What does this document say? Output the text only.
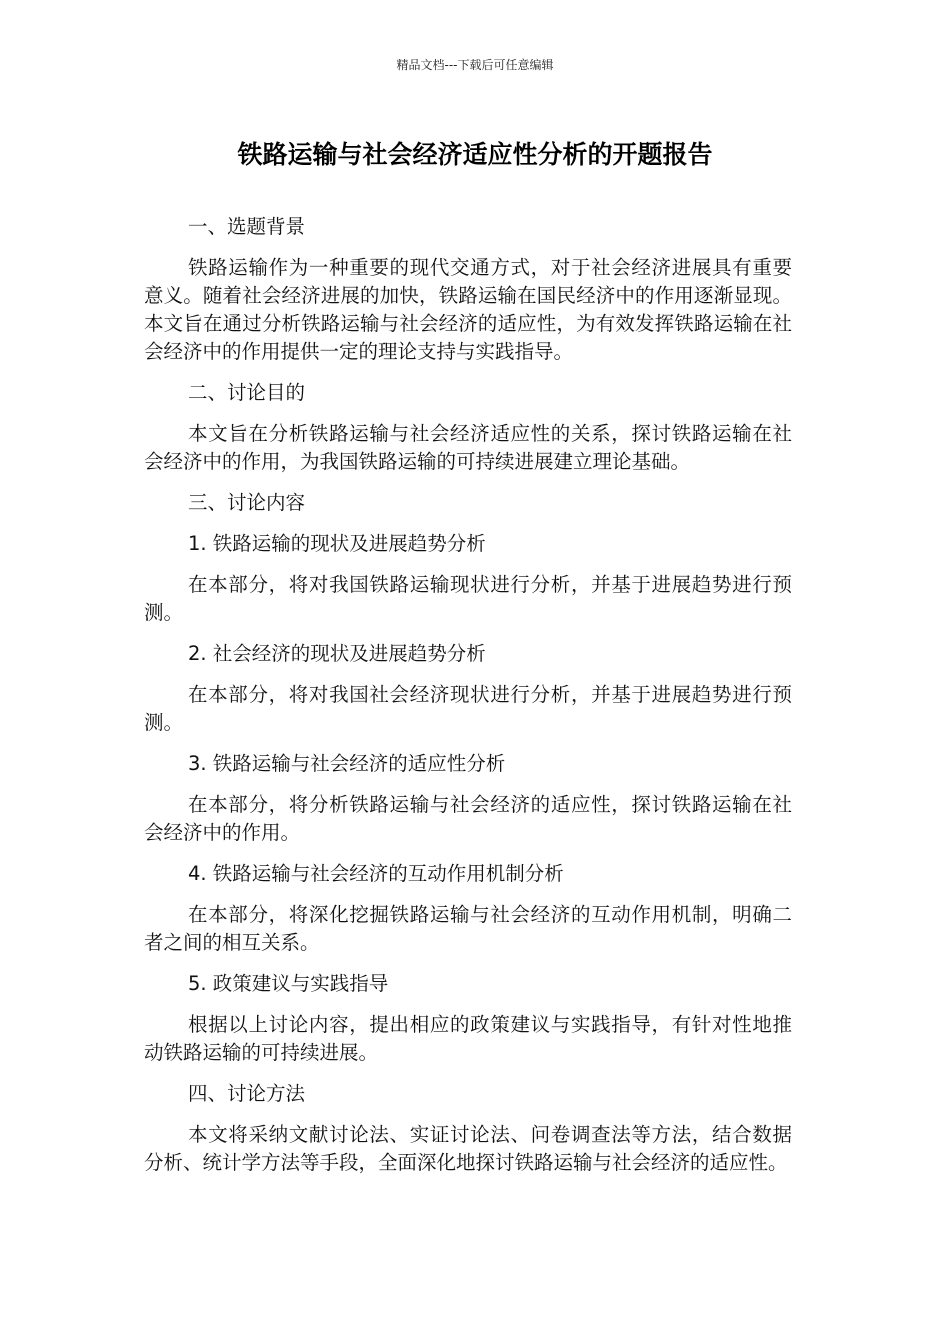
精品文档---下载后可任意编辑
铁路运输与社会经济适应性分析的开题报告

一、选题背景

铁路运输作为一种重要的现代交通方式，对于社会经济进展具有重要意义。随着社会经济进展的加快，铁路运输在国民经济中的作用逐渐显现。本文旨在通过分析铁路运输与社会经济的适应性，为有效发挥铁路运输在社会经济中的作用提供一定的理论支持与实践指导。

二、讨论目的

本文旨在分析铁路运输与社会经济适应性的关系，探讨铁路运输在社会经济中的作用，为我国铁路运输的可持续进展建立理论基础。

三、讨论内容

1. 铁路运输的现状及进展趋势分析

在本部分，将对我国铁路运输现状进行分析，并基于进展趋势进行预测。

2. 社会经济的现状及进展趋势分析

在本部分，将对我国社会经济现状进行分析，并基于进展趋势进行预测。

3. 铁路运输与社会经济的适应性分析

在本部分，将分析铁路运输与社会经济的适应性，探讨铁路运输在社会经济中的作用。

4. 铁路运输与社会经济的互动作用机制分析

在本部分，将深化挖掘铁路运输与社会经济的互动作用机制，明确二者之间的相互关系。

5. 政策建议与实践指导

根据以上讨论内容，提出相应的政策建议与实践指导，有针对性地推动铁路运输的可持续进展。

四、讨论方法

本文将采纳文献讨论法、实证讨论法、问卷调查法等方法，结合数据分析、统计学方法等手段，全面深化地探讨铁路运输与社会经济的适应性。
